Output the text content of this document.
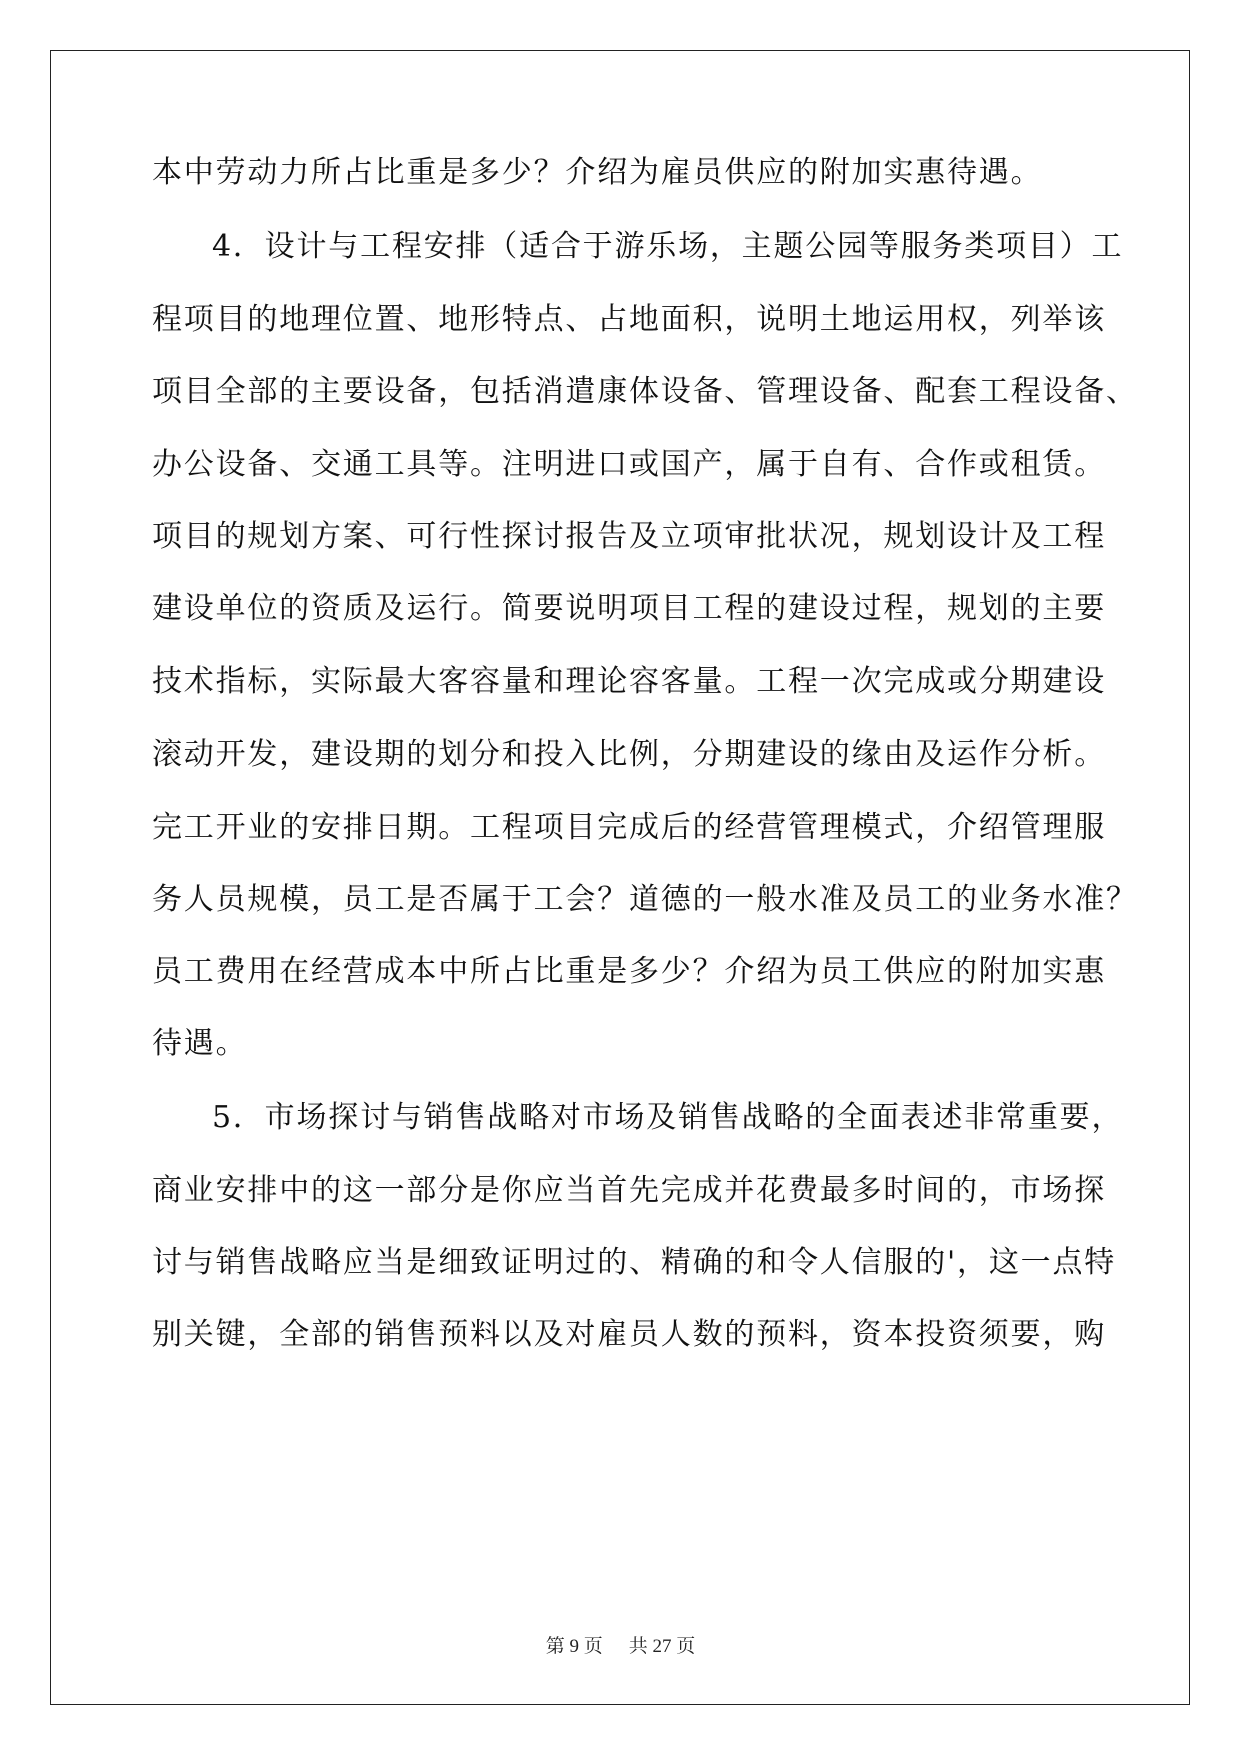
本中劳动力所占比重是多少？介绍为雇员供应的附加实惠待遇。
4．设计与工程安排（适合于游乐场，主题公园等服务类项目）工
程项目的地理位置、地形特点、占地面积，说明土地运用权，列举该
项目全部的主要设备，包括消遣康体设备、管理设备、配套工程设备、
办公设备、交通工具等。注明进口或国产，属于自有、合作或租赁。
项目的规划方案、可行性探讨报告及立项审批状况，规划设计及工程
建设单位的资质及运行。简要说明项目工程的建设过程，规划的主要
技术指标，实际最大客容量和理论容客量。工程一次完成或分期建设
滚动开发，建设期的划分和投入比例，分期建设的缘由及运作分析。
完工开业的安排日期。工程项目完成后的经营管理模式，介绍管理服
务人员规模，员工是否属于工会？道德的一般水准及员工的业务水准？
员工费用在经营成本中所占比重是多少？介绍为员工供应的附加实惠
待遇。
5．市场探讨与销售战略对市场及销售战略的全面表述非常重要，
商业安排中的这一部分是你应当首先完成并花费最多时间的，市场探
讨与销售战略应当是细致证明过的、精确的和令人信服的'，这一点特
别关键，全部的销售预料以及对雇员人数的预料，资本投资须要，购
第 9 页 共 27 页
